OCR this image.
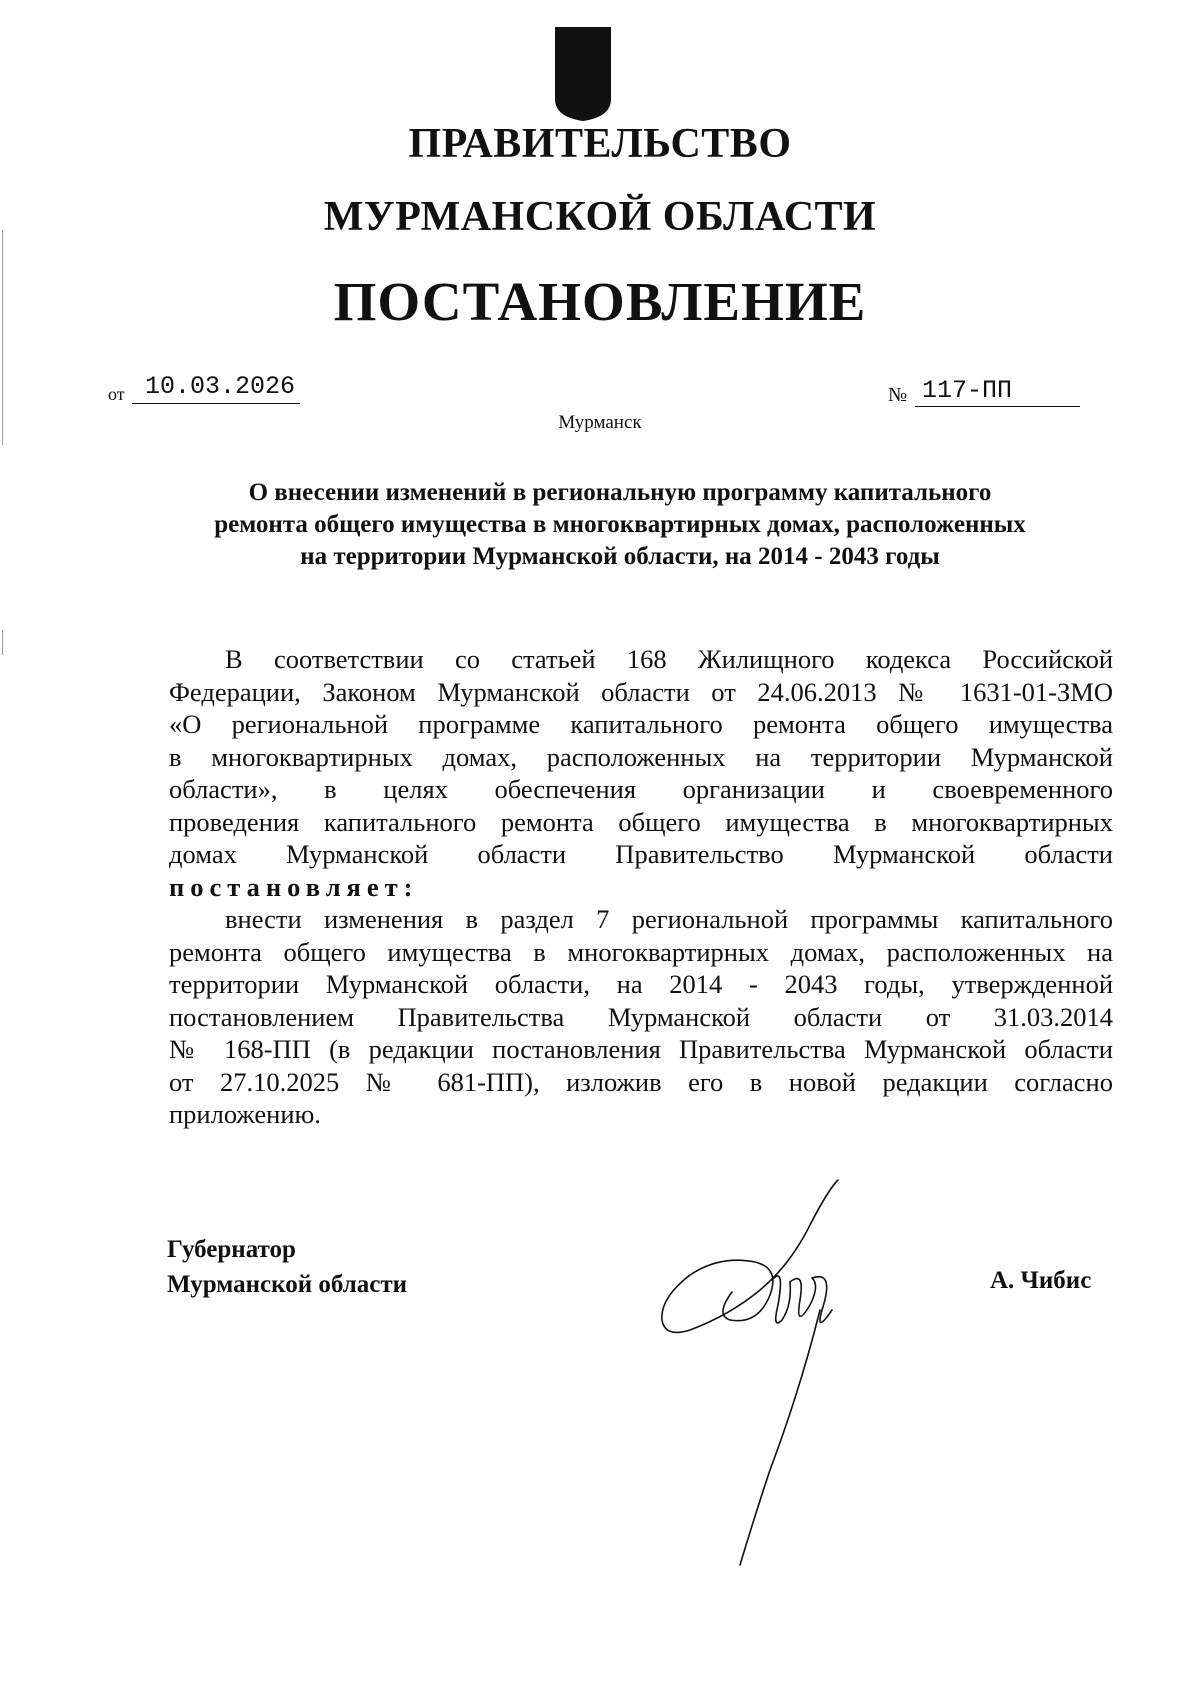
ПРАВИТЕЛЬСТВО
МУРМАНСКОЙ ОБЛАСТИ
ПОСТАНОВЛЕНИЕ
от 10.03.2026	№ 117-ПП
Мурманск
О внесении изменений в региональную программу капитального
ремонта общего имущества в многоквартирных домах, расположенных
на территории Мурманской области, на 2014 - 2043 годы
В соответствии со статьей 168 Жилищного кодекса Российской
Федерации, Законом Мурманской области от 24.06.2013 № 1631-01-ЗМО
«О региональной программе капитального ремонта общего имущества
в многоквартирных домах, расположенных на территории Мурманской
области», в целях обеспечения организации и своевременного
проведения капитального ремонта общего имущества в многоквартирных
домах Мурманской области Правительство Мурманской области
постановляет:
внести изменения в раздел 7 региональной программы капитального
ремонта общего имущества в многоквартирных домах, расположенных на
территории Мурманской области, на 2014 - 2043 годы, утвержденной
постановлением Правительства Мурманской области от 31.03.2014
№ 168-ПП (в редакции постановления Правительства Мурманской области
от 27.10.2025 № 681-ПП), изложив его в новой редакции согласно
приложению.
Губернатор
Мурманской области	А. Чибис
